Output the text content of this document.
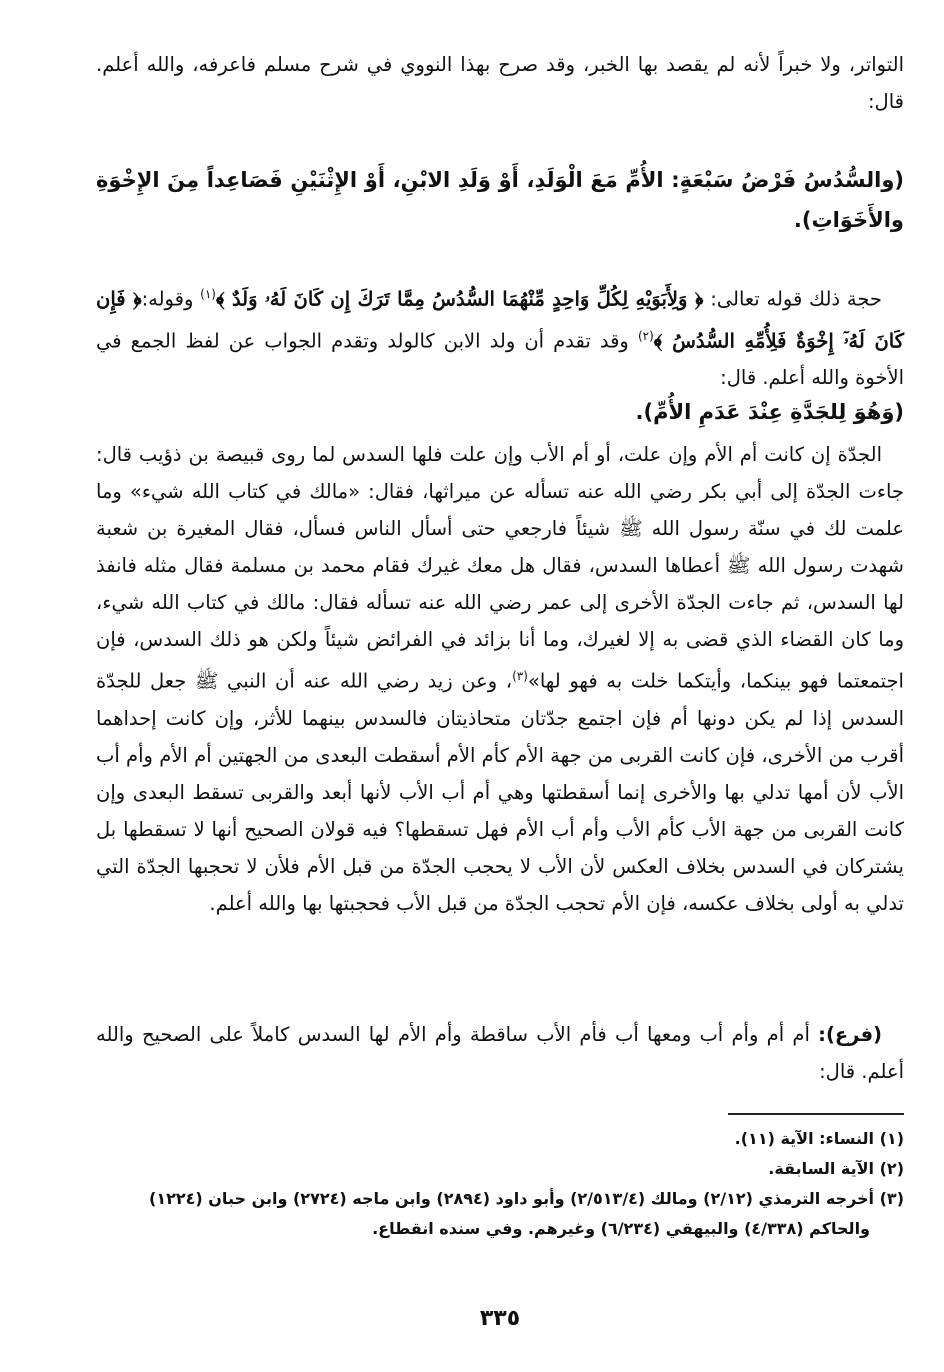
التواتر، ولا خبراً لأنه لم يقصد بها الخبر، وقد صرح بهذا النووي في شرح مسلم فاعرفه، والله أعلم. قال:

(والسُّدُسُ فَرْضُ سَبْعَةٍ: الأُمِّ مَعَ الْوَلَدِ، أَوْ وَلَدِ الابْنِ، أَوْ الإِثْنَيْنِ فَصَاعِداً مِنَ الإِخْوَةِ والأَخَوَاتِ).

حجة ذلك قوله تعالى: ﴿ وَلِأَبَوَيْهِ لِكُلِّ وَاحِدٍ مِّنْهُمَا السُّدُسُ مِمَّا تَرَكَ إِن كَانَ لَهُۥ وَلَدٌ ﴾$^{(١)}$ وقوله:﴿ فَإِن كَانَ لَهُۥٓ إِخْوَةٌ فَلِأُمِّهِ السُّدُسُ ﴾$^{(٢)}$ وقد تقدم أن ولد الابن كالولد وتقدم الجواب عن لفظ الجمع في الأخوة والله أعلم. قال:

(وَهُوَ لِلجَدَّةِ عِنْدَ عَدَمِ الأُمِّ).

الجدّة إن كانت أم الأم وإن علت، أو أم الأب وإن علت فلها السدس لما روى قبيصة بن ذؤيب قال: جاءت الجدّة إلى أبي بكر رضي الله عنه تسأله عن ميراثها، فقال: «مالك في كتاب الله شيء» وما علمت لك في سنّة رسول الله ﷺ شيئاً فارجعي حتى أسأل الناس فسأل، فقال المغيرة بن شعبة شهدت رسول الله ﷺ أعطاها السدس، فقال هل معك غيرك فقام محمد بن مسلمة فقال مثله فانفذ لها السدس، ثم جاءت الجدّة الأخرى إلى عمر رضي الله عنه تسأله فقال: مالك في كتاب الله شيء، وما كان القضاء الذي قضى به إلا لغيرك، وما أنا بزائد في الفرائض شيئاً ولكن هو ذلك السدس، فإن اجتمعتما فهو بينكما، وأيتكما خلت به فهو لها»$^{(٣)}$، وعن زيد رضي الله عنه أن النبي ﷺ جعل للجدّة السدس إذا لم يكن دونها أم فإن اجتمع جدّتان متحاذيتان فالسدس بينهما للأثر، وإن كانت إحداهما أقرب من الأخرى، فإن كانت القربى من جهة الأم كأم الأم أسقطت البعدى من الجهتين أم الأم وأم أب الأب لأن أمها تدلي بها والأخرى إنما أسقطتها وهي أم أب الأب لأنها أبعد والقربى تسقط البعدى وإن كانت القربى من جهة الأب كأم الأب وأم أب الأم فهل تسقطها؟ فيه قولان الصحيح أنها لا تسقطها بل يشتركان في السدس بخلاف العكس لأن الأب لا يحجب الجدّة من قبل الأم فلأن لا تحجبها الجدّة التي تدلي به أولى بخلاف عكسه، فإن الأم تحجب الجدّة من قبل الأب فحجبتها بها والله أعلم.

(فرع): أم أم وأم أب ومعها أب فأم الأب ساقطة وأم الأم لها السدس كاملاً على الصحيح والله أعلم. قال:

(١) النساء: الآية (١١).

(٢) الآية السابقة.

(٣) أخرجه الترمذي (٢/١٢) ومالك (٢/٥١٣/٤) وأبو داود (٢٨٩٤) وابن ماجه (٢٧٢٤) وابن حبان (١٢٢٤) والحاكم (٤/٣٣٨) والبيهقي (٦/٢٣٤) وغيرهم. وفي سنده انقطاع.

٣٣٥
